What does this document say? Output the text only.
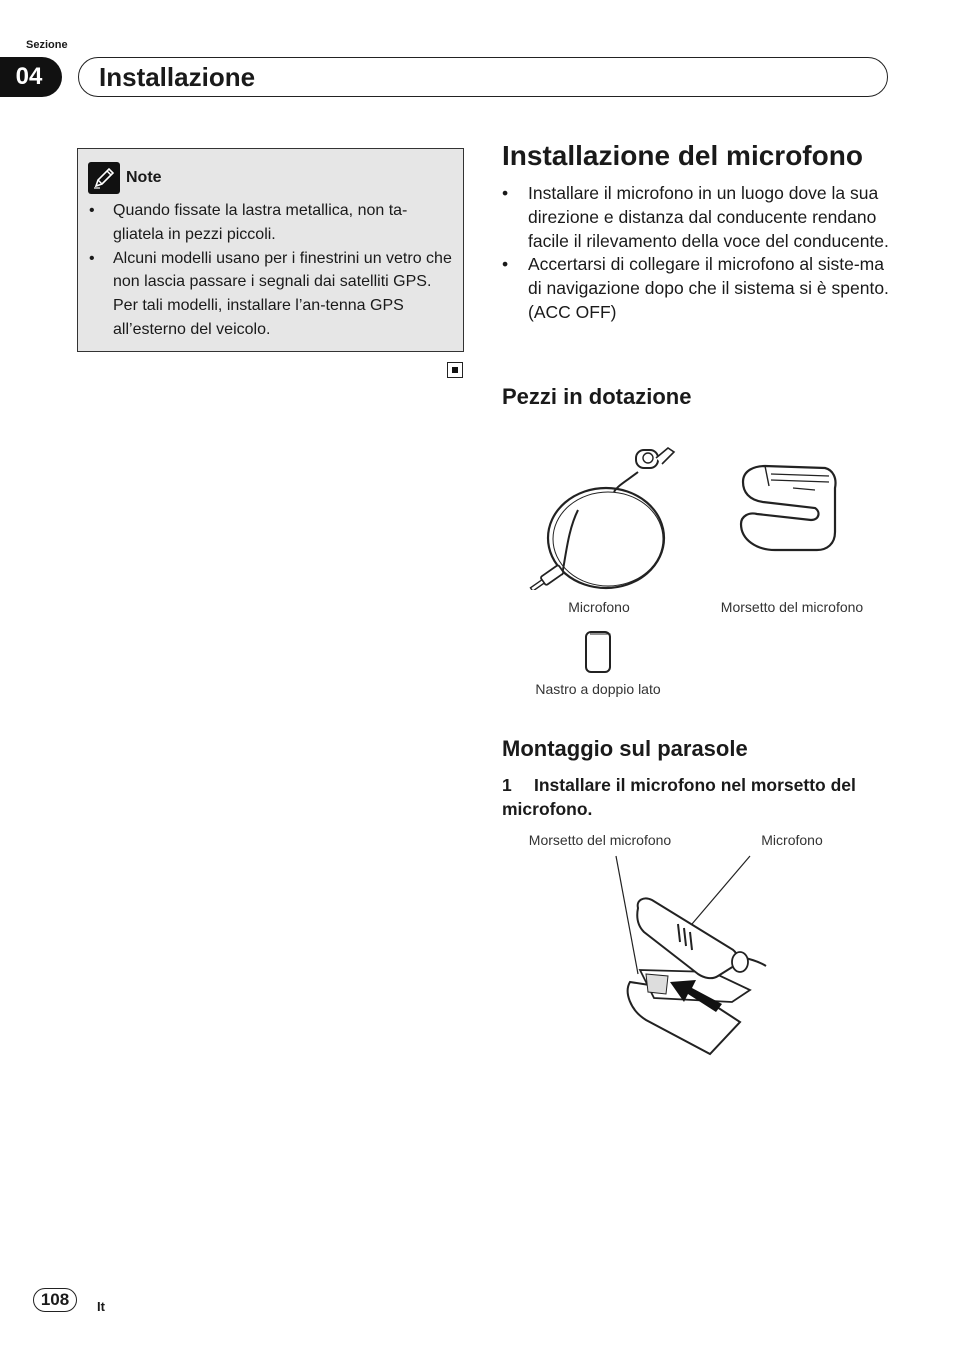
Sezione
04	Installazione
Note
• Quando fissate la lastra metallica, non ta-gliatela in pezzi piccoli.
• Alcuni modelli usano per i finestrini un vetro che non lascia passare i segnali dai satelliti GPS. Per tali modelli, installare l’an-tenna GPS all’esterno del veicolo.
Installazione del microfono
• Installare il microfono in un luogo dove la sua direzione e distanza dal conducente rendano facile il rilevamento della voce del conducente.
• Accertarsi di collegare il microfono al siste-ma di navigazione dopo che il sistema si è spento. (ACC OFF)
Pezzi in dotazione
Microfono	Morsetto del microfono
Nastro a doppio lato
Montaggio sul parasole
1 Installare il microfono nel morsetto del microfono.
Morsetto del microfono	Microfono
108	It
